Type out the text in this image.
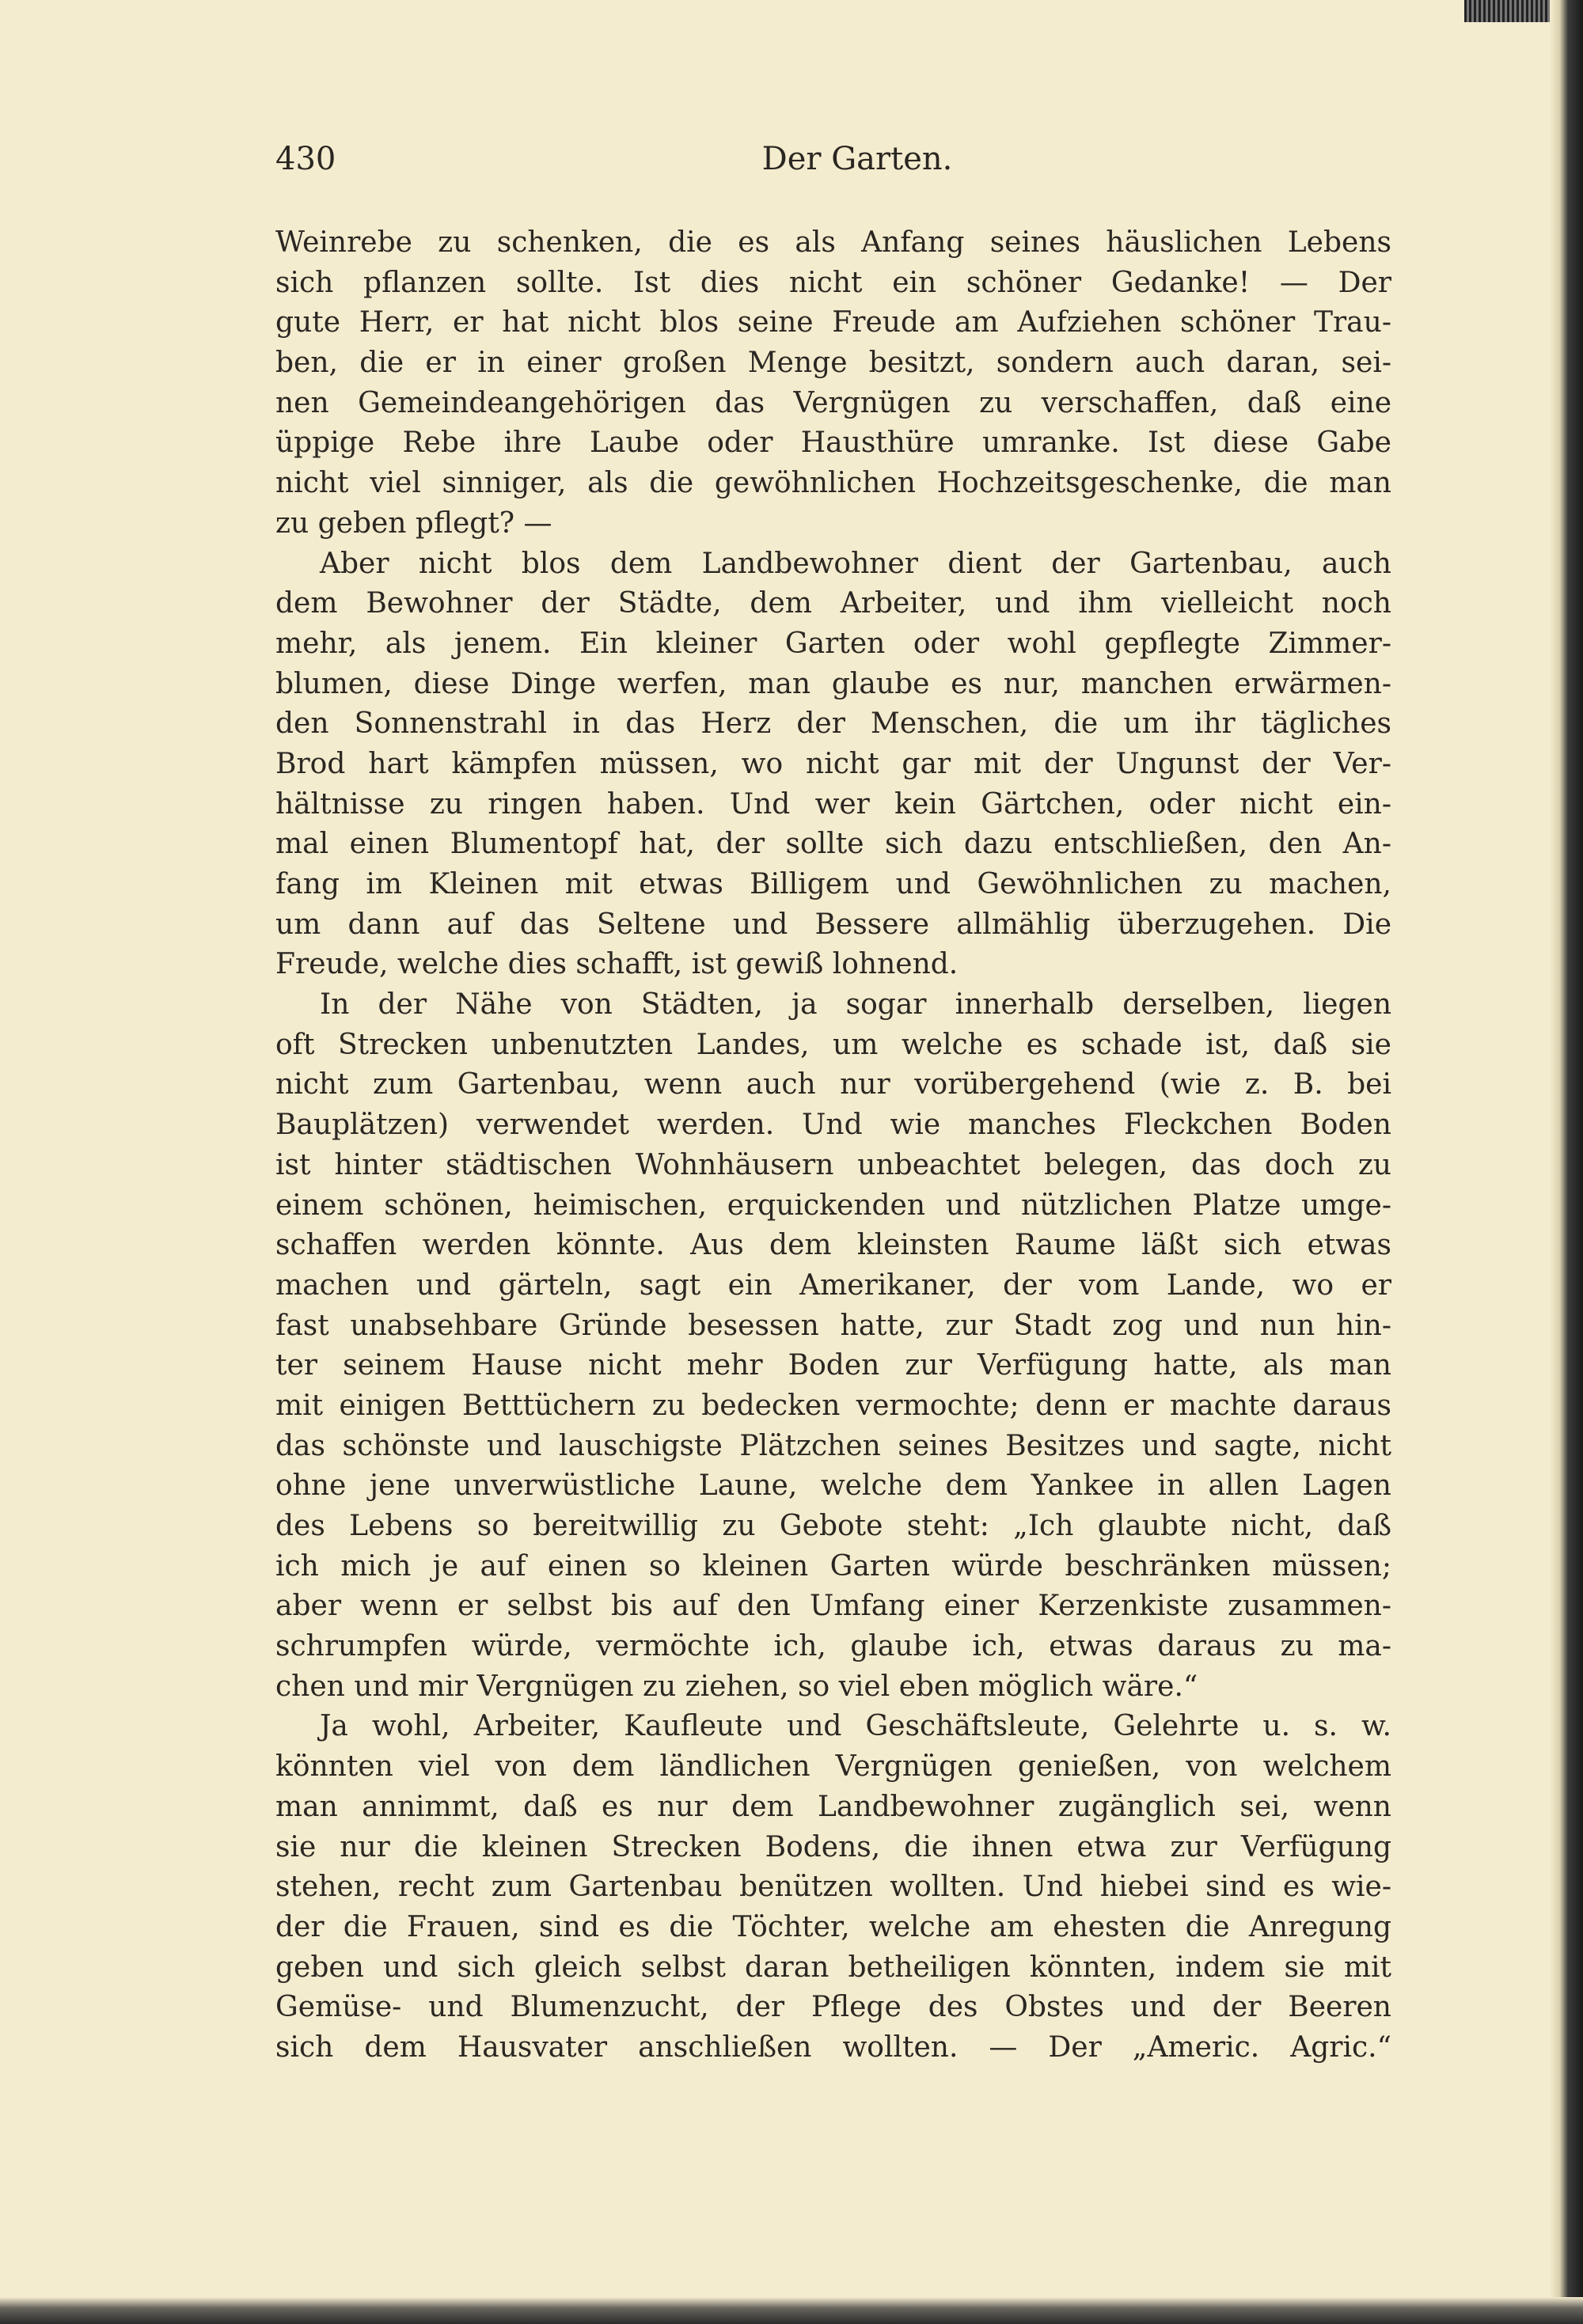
430	Der Garten.
Weinrebe zu schenken, die es als Anfang seines häuslichen Lebens
sich pflanzen sollte. Ist dies nicht ein schöner Gedanke! — Der
gute Herr, er hat nicht blos seine Freude am Aufziehen schöner Trau-
ben, die er in einer großen Menge besitzt, sondern auch daran, sei-
nen Gemeindeangehörigen das Vergnügen zu verschaffen, daß eine
üppige Rebe ihre Laube oder Hausthüre umranke. Ist diese Gabe
nicht viel sinniger, als die gewöhnlichen Hochzeitsgeschenke, die man
zu geben pflegt? —
Aber nicht blos dem Landbewohner dient der Gartenbau, auch
dem Bewohner der Städte, dem Arbeiter, und ihm vielleicht noch
mehr, als jenem. Ein kleiner Garten oder wohl gepflegte Zimmer-
blumen, diese Dinge werfen, man glaube es nur, manchen erwärmen-
den Sonnenstrahl in das Herz der Menschen, die um ihr tägliches
Brod hart kämpfen müssen, wo nicht gar mit der Ungunst der Ver-
hältnisse zu ringen haben. Und wer kein Gärtchen, oder nicht ein-
mal einen Blumentopf hat, der sollte sich dazu entschließen, den An-
fang im Kleinen mit etwas Billigem und Gewöhnlichen zu machen,
um dann auf das Seltene und Bessere allmählig überzugehen. Die
Freude, welche dies schafft, ist gewiß lohnend.
In der Nähe von Städten, ja sogar innerhalb derselben, liegen
oft Strecken unbenutzten Landes, um welche es schade ist, daß sie
nicht zum Gartenbau, wenn auch nur vorübergehend (wie z. B. bei
Bauplätzen) verwendet werden. Und wie manches Fleckchen Boden
ist hinter städtischen Wohnhäusern unbeachtet belegen, das doch zu
einem schönen, heimischen, erquickenden und nützlichen Platze umge-
schaffen werden könnte. Aus dem kleinsten Raume läßt sich etwas
machen und gärteln, sagt ein Amerikaner, der vom Lande, wo er
fast unabsehbare Gründe besessen hatte, zur Stadt zog und nun hin-
ter seinem Hause nicht mehr Boden zur Verfügung hatte, als man
mit einigen Betttüchern zu bedecken vermochte; denn er machte daraus
das schönste und lauschigste Plätzchen seines Besitzes und sagte, nicht
ohne jene unverwüstliche Laune, welche dem Yankee in allen Lagen
des Lebens so bereitwillig zu Gebote steht: „Ich glaubte nicht, daß
ich mich je auf einen so kleinen Garten würde beschränken müssen;
aber wenn er selbst bis auf den Umfang einer Kerzenkiste zusammen-
schrumpfen würde, vermöchte ich, glaube ich, etwas daraus zu ma-
chen und mir Vergnügen zu ziehen, so viel eben möglich wäre.“
Ja wohl, Arbeiter, Kaufleute und Geschäftsleute, Gelehrte u. s. w.
könnten viel von dem ländlichen Vergnügen genießen, von welchem
man annimmt, daß es nur dem Landbewohner zugänglich sei, wenn
sie nur die kleinen Strecken Bodens, die ihnen etwa zur Verfügung
stehen, recht zum Gartenbau benützen wollten. Und hiebei sind es wie-
der die Frauen, sind es die Töchter, welche am ehesten die Anregung
geben und sich gleich selbst daran betheiligen könnten, indem sie mit
Gemüse- und Blumenzucht, der Pflege des Obstes und der Beeren
sich dem Hausvater anschließen wollten. — Der „Americ. Agric.“
